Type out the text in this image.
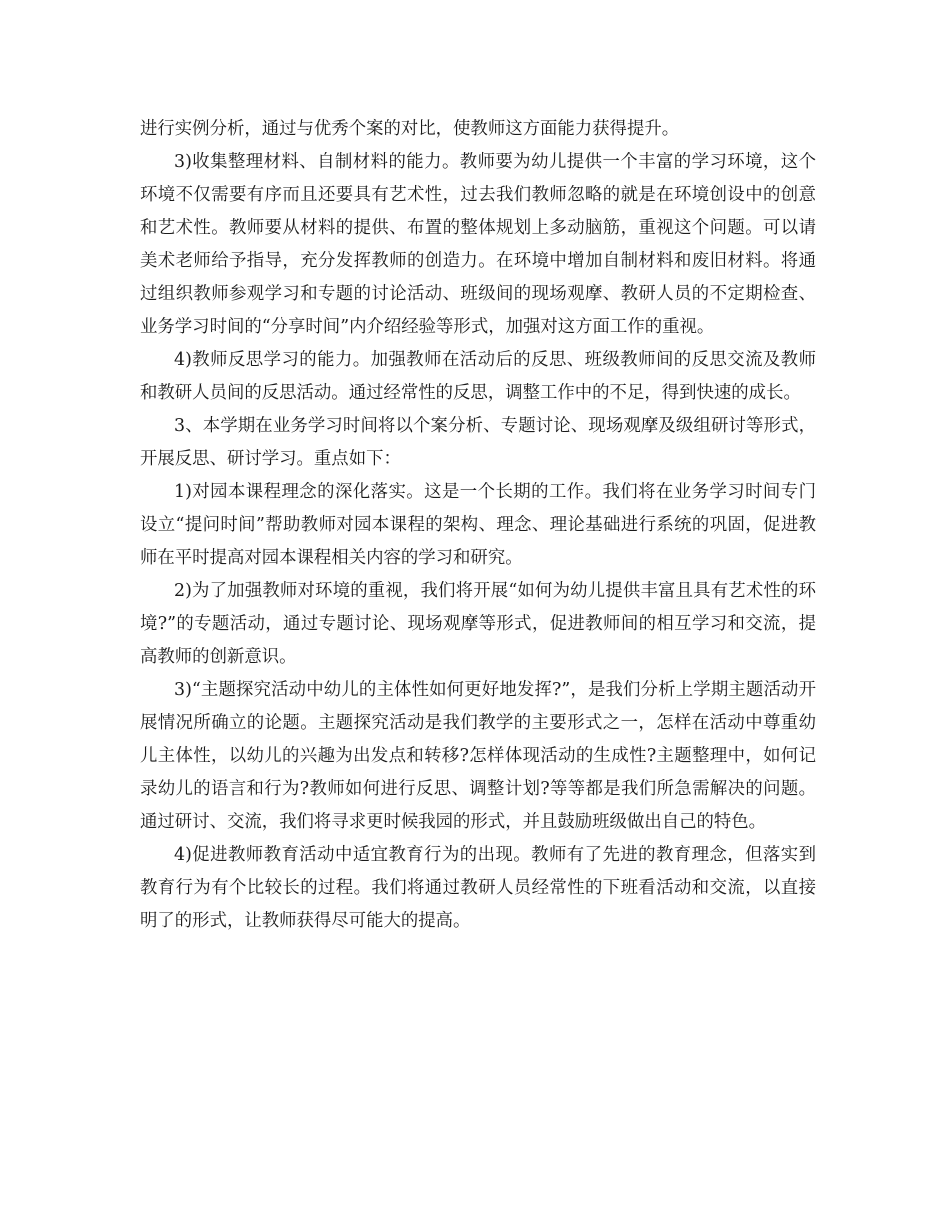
进行实例分析，通过与优秀个案的对比，使教师这方面能力获得提升。

3)收集整理材料、自制材料的能力。教师要为幼儿提供一个丰富的学习环境，这个环境不仅需要有序而且还要具有艺术性，过去我们教师忽略的就是在环境创设中的创意和艺术性。教师要从材料的提供、布置的整体规划上多动脑筋，重视这个问题。可以请美术老师给予指导，充分发挥教师的创造力。在环境中增加自制材料和废旧材料。将通过组织教师参观学习和专题的讨论活动、班级间的现场观摩、教研人员的不定期检查、业务学习时间的“分享时间”内介绍经验等形式，加强对这方面工作的重视。

4)教师反思学习的能力。加强教师在活动后的反思、班级教师间的反思交流及教师和教研人员间的反思活动。通过经常性的反思，调整工作中的不足，得到快速的成长。

3、本学期在业务学习时间将以个案分析、专题讨论、现场观摩及级组研讨等形式，开展反思、研讨学习。重点如下：

1)对园本课程理念的深化落实。这是一个长期的工作。我们将在业务学习时间专门设立“提问时间”帮助教师对园本课程的架构、理念、理论基础进行系统的巩固，促进教师在平时提高对园本课程相关内容的学习和研究。

2)为了加强教师对环境的重视，我们将开展“如何为幼儿提供丰富且具有艺术性的环境?”的专题活动，通过专题讨论、现场观摩等形式，促进教师间的相互学习和交流，提高教师的创新意识。

3)“主题探究活动中幼儿的主体性如何更好地发挥?”，是我们分析上学期主题活动开展情况所确立的论题。主题探究活动是我们教学的主要形式之一，怎样在活动中尊重幼儿主体性，以幼儿的兴趣为出发点和转移?怎样体现活动的生成性?主题整理中，如何记录幼儿的语言和行为?教师如何进行反思、调整计划?等等都是我们所急需解决的问题。通过研讨、交流，我们将寻求更时候我园的形式，并且鼓励班级做出自己的特色。

4)促进教师教育活动中适宜教育行为的出现。教师有了先进的教育理念，但落实到教育行为有个比较长的过程。我们将通过教研人员经常性的下班看活动和交流，以直接明了的形式，让教师获得尽可能大的提高。
